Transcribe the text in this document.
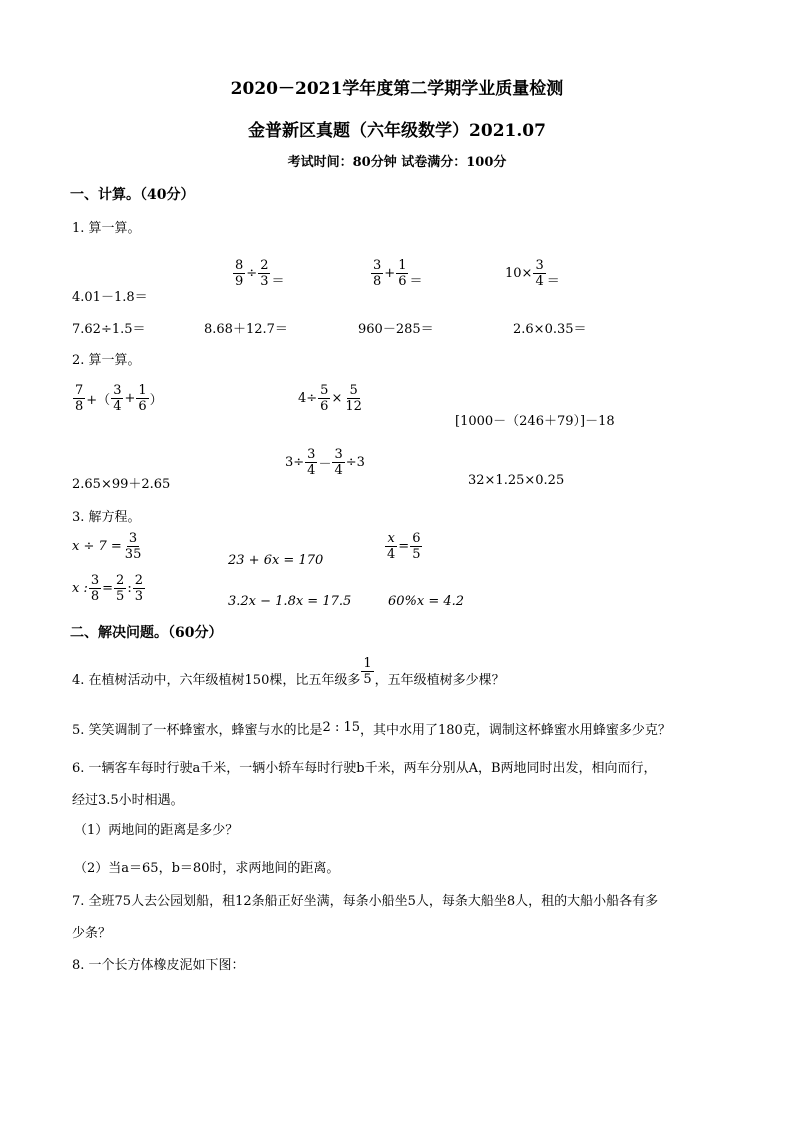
2020－2021学年度第二学期学业质量检测
金普新区真题（六年级数学）2021.07
考试时间：80分钟 试卷满分：100分
一、计算。（40分）
1. 算一算。
4.01－1.8＝
$\frac{8}{9} \div \frac{2}{3}$ ＝
3
8
+ $\frac{1}{6}$ ＝
$10\times \frac{3}{4}$ ＝
7.62÷1.5＝	8.68＋12.7＝	960－285＝	2.6×0.35＝
2. 算一算。
7
8 +（
3
4
+ $\frac{1}{6}$ ）	$4\div \frac{5}{6} \times \frac{5}{12}$
[1000－（246＋79）]－18
$3\div \frac{3}{4} - \frac{3}{4} \div 3$
2.65×99＋2.65	32×1.25×0.25
3. 解方程。
$x \div 7 = \frac{3}{35}$	23 + 6x = 170	$\frac{x}{4} = \frac{6}{5}$
x : $\frac{3}{8} = \frac{2}{5}$ :
2
3	3.2x − 1.8x = 17.5	60%x = 4.2
二、解决问题。（60分）
4. 在植树活动中，六年级植树150棵，比五年级多
1
5 ，五年级植树多少棵？
5. 笑笑调制了一杯蜂蜜水，蜂蜜与水的比是2 : 15，其中水用了180克，调制这杯蜂蜜水用蜂蜜多少克？
6. 一辆客车每时行驶a千米，一辆小轿车每时行驶b千米，两车分别从A，B两地同时出发，相向而行，
经过3.5小时相遇。
（1）两地间的距离是多少？
（2）当a＝65，b＝80时，求两地间的距离。
7. 全班75人去公园划船，租12条船正好坐满，每条小船坐5人，每条大船坐8人，租的大船小船各有多
少条？
8. 一个长方体橡皮泥如下图：
